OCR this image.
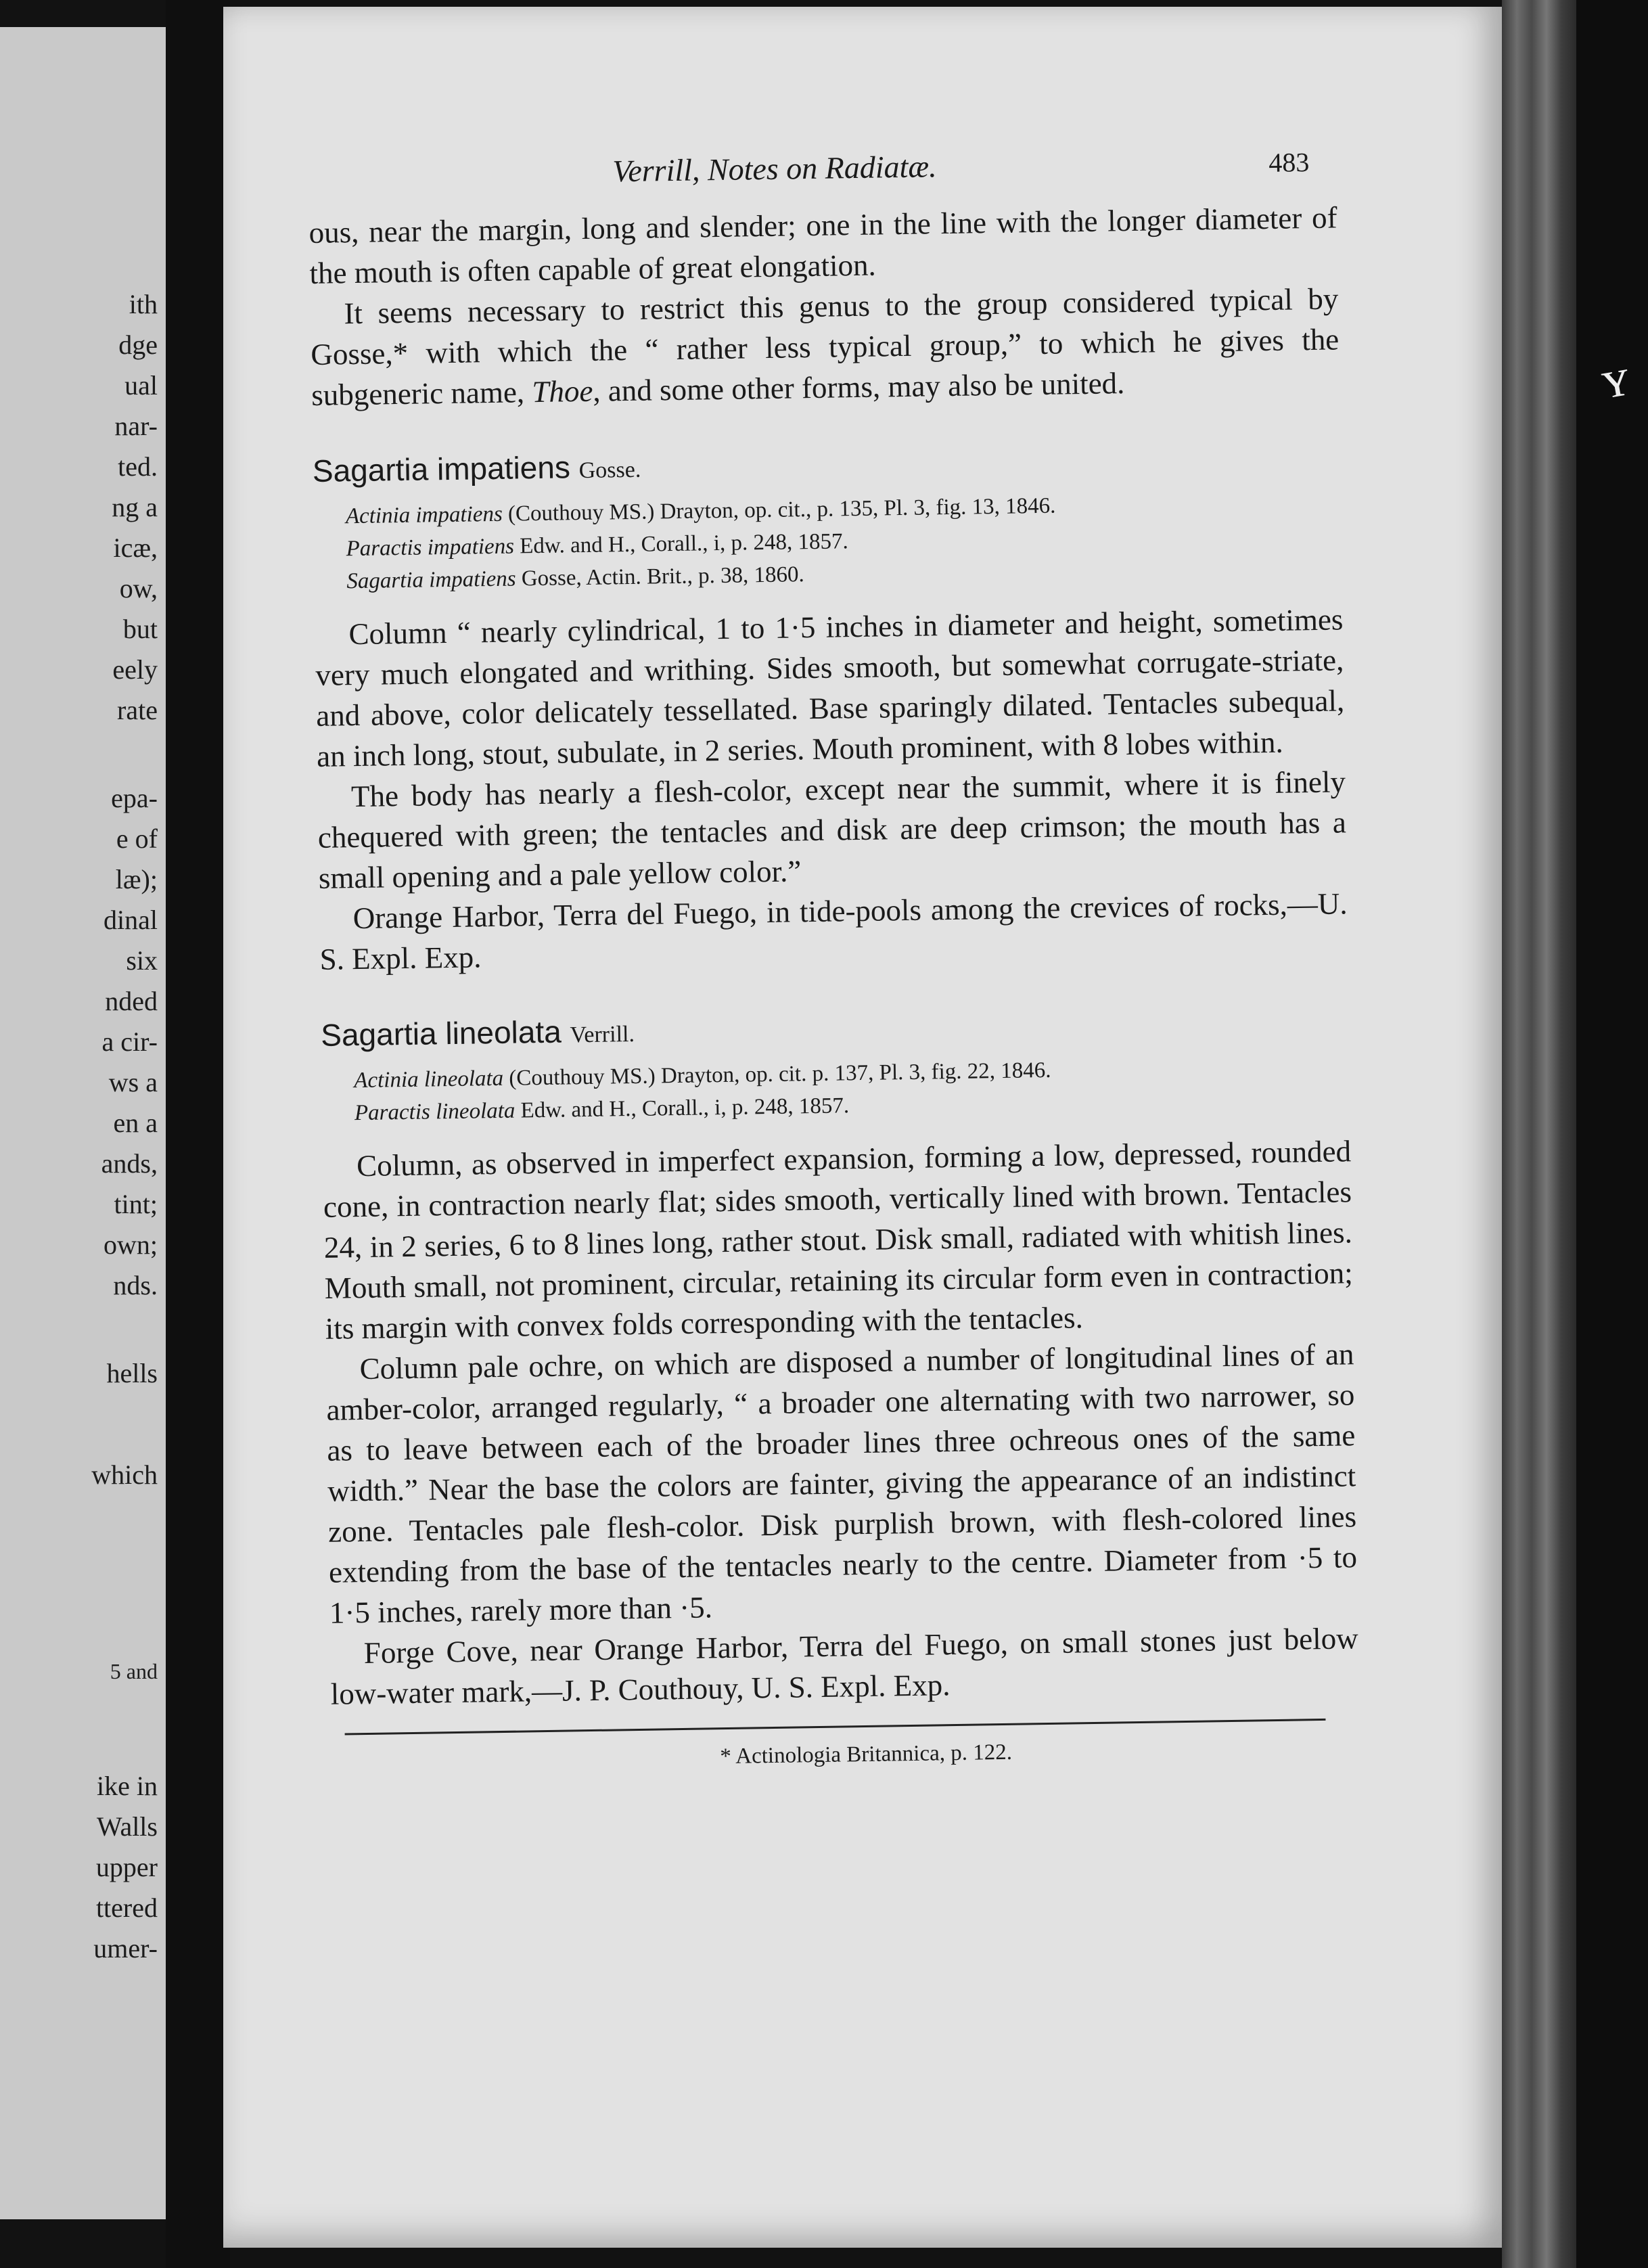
ith
dge
ual
nar-
ted.
ng a
icæ,
ow,
but
eely
rate
epa-
e of
læ);
dinal
six
nded
a cir-
ws a
en a
ands,
tint;
own;
nds.
hells
which
5 and
ike in
Walls
upper
ttered
umer-
ʏ
Verrill, Notes on Radiatæ.	483

ous, near the margin, long and slender; one in the line with the longer diameter of the mouth is often capable of great elongation.

It seems necessary to restrict this genus to the group considered typical by Gosse,* with which the “ rather less typical group,” to which he gives the subgeneric name, Thoe, and some other forms, may also be united.

Sagartia impatiens Gosse.
Actinia impatiens (Couthouy MS.) Drayton, op. cit., p. 135, Pl. 3, fig. 13, 1846.
Paractis impatiens Edw. and H., Corall., i, p. 248, 1857.
Sagartia impatiens Gosse, Actin. Brit., p. 38, 1860.

Column “ nearly cylindrical, 1 to 1·5 inches in diameter and height, sometimes very much elongated and writhing. Sides smooth, but somewhat corrugate-striate, and above, color delicately tessellated. Base sparingly dilated. Tentacles subequal, an inch long, stout, subulate, in 2 series. Mouth prominent, with 8 lobes within.

The body has nearly a flesh-color, except near the summit, where it is finely chequered with green; the tentacles and disk are deep crimson; the mouth has a small opening and a pale yellow color.”

Orange Harbor, Terra del Fuego, in tide-pools among the crevices of rocks,—U. S. Expl. Exp.

Sagartia lineolata Verrill.
Actinia lineolata (Couthouy MS.) Drayton, op. cit. p. 137, Pl. 3, fig. 22, 1846.
Paractis lineolata Edw. and H., Corall., i, p. 248, 1857.

Column, as observed in imperfect expansion, forming a low, depressed, rounded cone, in contraction nearly flat; sides smooth, vertically lined with brown. Tentacles 24, in 2 series, 6 to 8 lines long, rather stout. Disk small, radiated with whitish lines. Mouth small, not prominent, circular, retaining its circular form even in contraction; its margin with convex folds corresponding with the tentacles.

Column pale ochre, on which are disposed a number of longitudinal lines of an amber-color, arranged regularly, “ a broader one alternating with two narrower, so as to leave between each of the broader lines three ochreous ones of the same width.” Near the base the colors are fainter, giving the appearance of an indistinct zone. Tentacles pale flesh-color. Disk purplish brown, with flesh-colored lines extending from the base of the tentacles nearly to the centre. Diameter from ·5 to 1·5 inches, rarely more than ·5.

Forge Cove, near Orange Harbor, Terra del Fuego, on small stones just below low-water mark,—J. P. Couthouy, U. S. Expl. Exp.

* Actinologia Britannica, p. 122.
